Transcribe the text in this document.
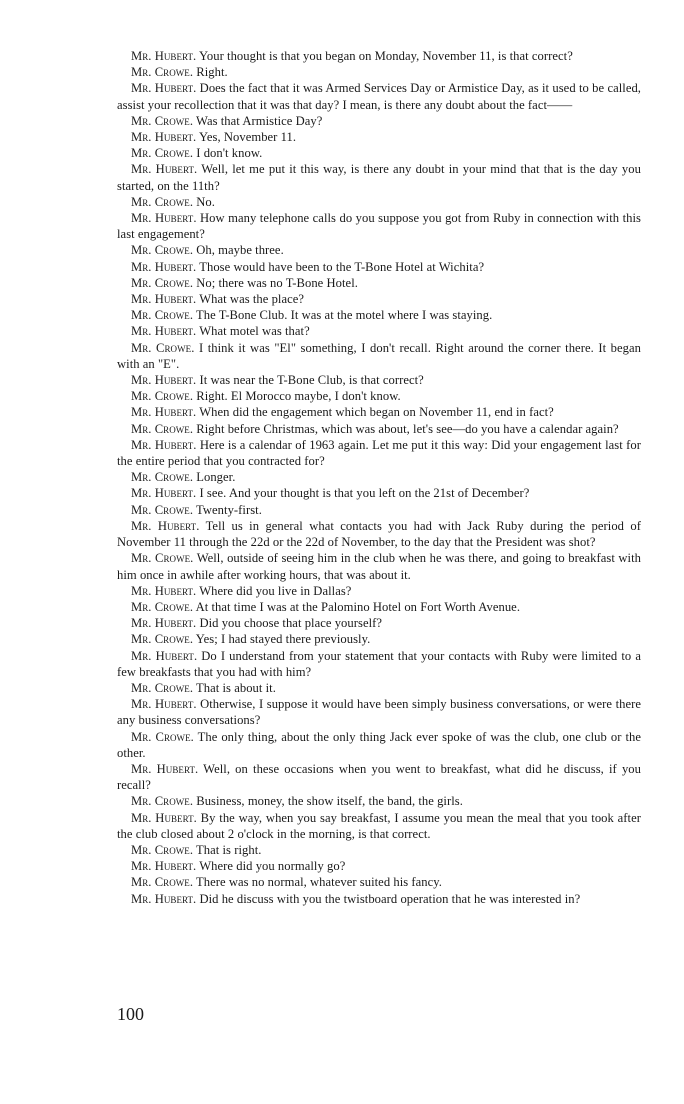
Mr. Hubert. Your thought is that you began on Monday, November 11, is that correct?

Mr. Crowe. Right.

Mr. Hubert. Does the fact that it was Armed Services Day or Armistice Day, as it used to be called, assist your recollection that it was that day? I mean, is there any doubt about the fact——

Mr. Crowe. Was that Armistice Day?

Mr. Hubert. Yes, November 11.

Mr. Crowe. I don't know.

Mr. Hubert. Well, let me put it this way, is there any doubt in your mind that that is the day you started, on the 11th?

Mr. Crowe. No.

Mr. Hubert. How many telephone calls do you suppose you got from Ruby in connection with this last engagement?

Mr. Crowe. Oh, maybe three.

Mr. Hubert. Those would have been to the T-Bone Hotel at Wichita?

Mr. Crowe. No; there was no T-Bone Hotel.

Mr. Hubert. What was the place?

Mr. Crowe. The T-Bone Club. It was at the motel where I was staying.

Mr. Hubert. What motel was that?

Mr. Crowe. I think it was "El" something, I don't recall. Right around the corner there. It began with an "E".

Mr. Hubert. It was near the T-Bone Club, is that correct?

Mr. Crowe. Right. El Morocco maybe, I don't know.

Mr. Hubert. When did the engagement which began on November 11, end in fact?

Mr. Crowe. Right before Christmas, which was about, let's see—do you have a calendar again?

Mr. Hubert. Here is a calendar of 1963 again. Let me put it this way: Did your engagement last for the entire period that you contracted for?

Mr. Crowe. Longer.

Mr. Hubert. I see. And your thought is that you left on the 21st of December?

Mr. Crowe. Twenty-first.

Mr. Hubert. Tell us in general what contacts you had with Jack Ruby during the period of November 11 through the 22d or the 22d of November, to the day that the President was shot?

Mr. Crowe. Well, outside of seeing him in the club when he was there, and going to breakfast with him once in awhile after working hours, that was about it.

Mr. Hubert. Where did you live in Dallas?

Mr. Crowe. At that time I was at the Palomino Hotel on Fort Worth Avenue.

Mr. Hubert. Did you choose that place yourself?

Mr. Crowe. Yes; I had stayed there previously.

Mr. Hubert. Do I understand from your statement that your contacts with Ruby were limited to a few breakfasts that you had with him?

Mr. Crowe. That is about it.

Mr. Hubert. Otherwise, I suppose it would have been simply business conversations, or were there any business conversations?

Mr. Crowe. The only thing, about the only thing Jack ever spoke of was the club, one club or the other.

Mr. Hubert. Well, on these occasions when you went to breakfast, what did he discuss, if you recall?

Mr. Crowe. Business, money, the show itself, the band, the girls.

Mr. Hubert. By the way, when you say breakfast, I assume you mean the meal that you took after the club closed about 2 o'clock in the morning, is that correct.

Mr. Crowe. That is right.

Mr. Hubert. Where did you normally go?

Mr. Crowe. There was no normal, whatever suited his fancy.

Mr. Hubert. Did he discuss with you the twistboard operation that he was interested in?

100
